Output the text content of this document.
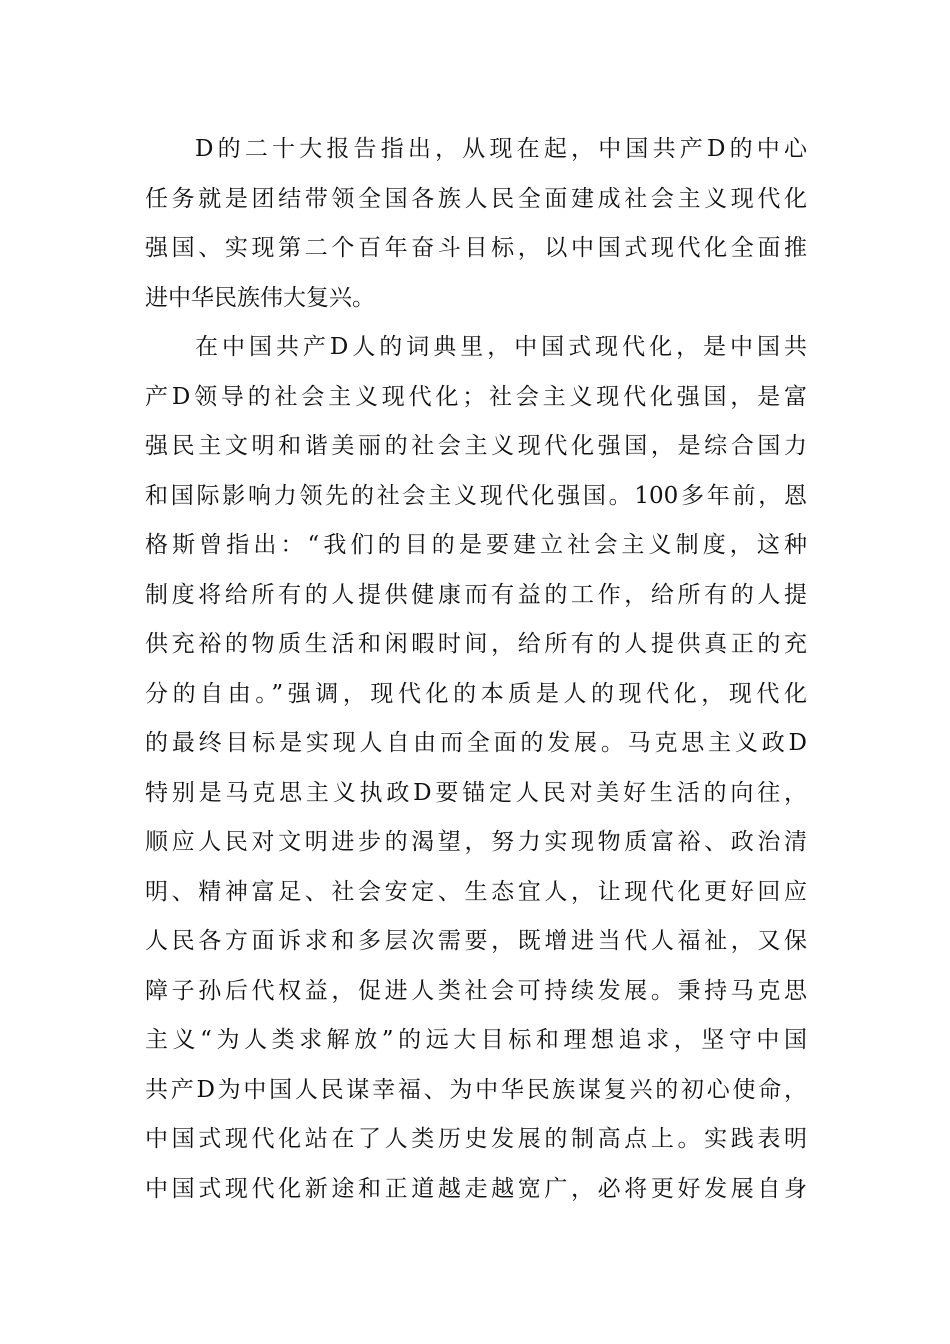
D的二十大报告指出，从现在起，中国共产D的中心
任务就是团结带领全国各族人民全面建成社会主义现代化
强国、实现第二个百年奋斗目标，以中国式现代化全面推
进中华民族伟大复兴。
在中国共产D人的词典里，中国式现代化，是中国共
产D领导的社会主义现代化；社会主义现代化强国，是富
强民主文明和谐美丽的社会主义现代化强国，是综合国力
和国际影响力领先的社会主义现代化强国。100多年前，恩
格斯曾指出：“我们的目的是要建立社会主义制度，这种
制度将给所有的人提供健康而有益的工作，给所有的人提
供充裕的物质生活和闲暇时间，给所有的人提供真正的充
分的自由。”强调，现代化的本质是人的现代化，现代化
的最终目标是实现人自由而全面的发展。马克思主义政D
特别是马克思主义执政D要锚定人民对美好生活的向往，
顺应人民对文明进步的渴望，努力实现物质富裕、政治清
明、精神富足、社会安定、生态宜人，让现代化更好回应
人民各方面诉求和多层次需要，既增进当代人福祉，又保
障子孙后代权益，促进人类社会可持续发展。秉持马克思
主义“为人类求解放”的远大目标和理想追求，坚守中国
共产D为中国人民谋幸福、为中华民族谋复兴的初心使命，
中国式现代化站在了人类历史发展的制高点上。实践表明
中国式现代化新途和正道越走越宽广，必将更好发展自身
